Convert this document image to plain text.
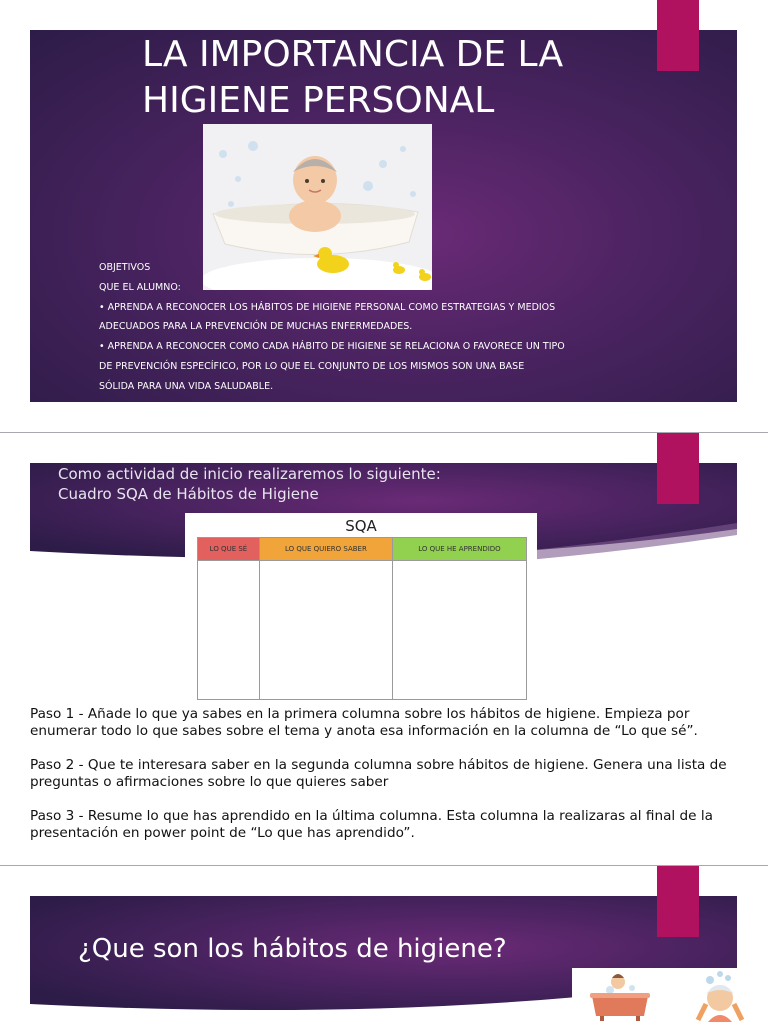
LA IMPORTANCIA DE LA
HIGIENE PERSONAL
OBJETIVOS
QUE EL ALUMNO:
• APRENDA A RECONOCER LOS HÁBITOS DE HIGIENE PERSONAL COMO ESTRATEGIAS Y MEDIOS
ADECUADOS PARA LA PREVENCIÓN DE MUCHAS ENFERMEDADES.
• APRENDA A RECONOCER COMO CADA HÁBITO DE HIGIENE SE RELACIONA O FAVORECE UN TIPO
DE PREVENCIÓN ESPECÍFICO, POR LO QUE EL CONJUNTO DE LOS MISMOS SON UNA BASE
SÓLIDA PARA UNA VIDA SALUDABLE.
Como actividad de inicio realizaremos lo siguiente:
Cuadro SQA de Hábitos de Higiene
SQA
LO QUE SÉ	LO QUE QUIERO SABER	LO QUE HE APRENDIDO

Paso 1 - Añade lo que ya sabes en la primera columna sobre los hábitos de higiene. Empieza por enumerar todo lo que sabes sobre el tema y anota esa información en la columna de “Lo que sé”.

Paso 2 - Que te interesara saber en la segunda columna sobre hábitos de higiene. Genera una lista de preguntas o afirmaciones sobre lo que quieres saber

Paso 3 - Resume lo que has aprendido en la última columna. Esta columna la realizaras al final de la presentación en power point de “Lo que has aprendido”.

¿Que son los hábitos de higiene?
